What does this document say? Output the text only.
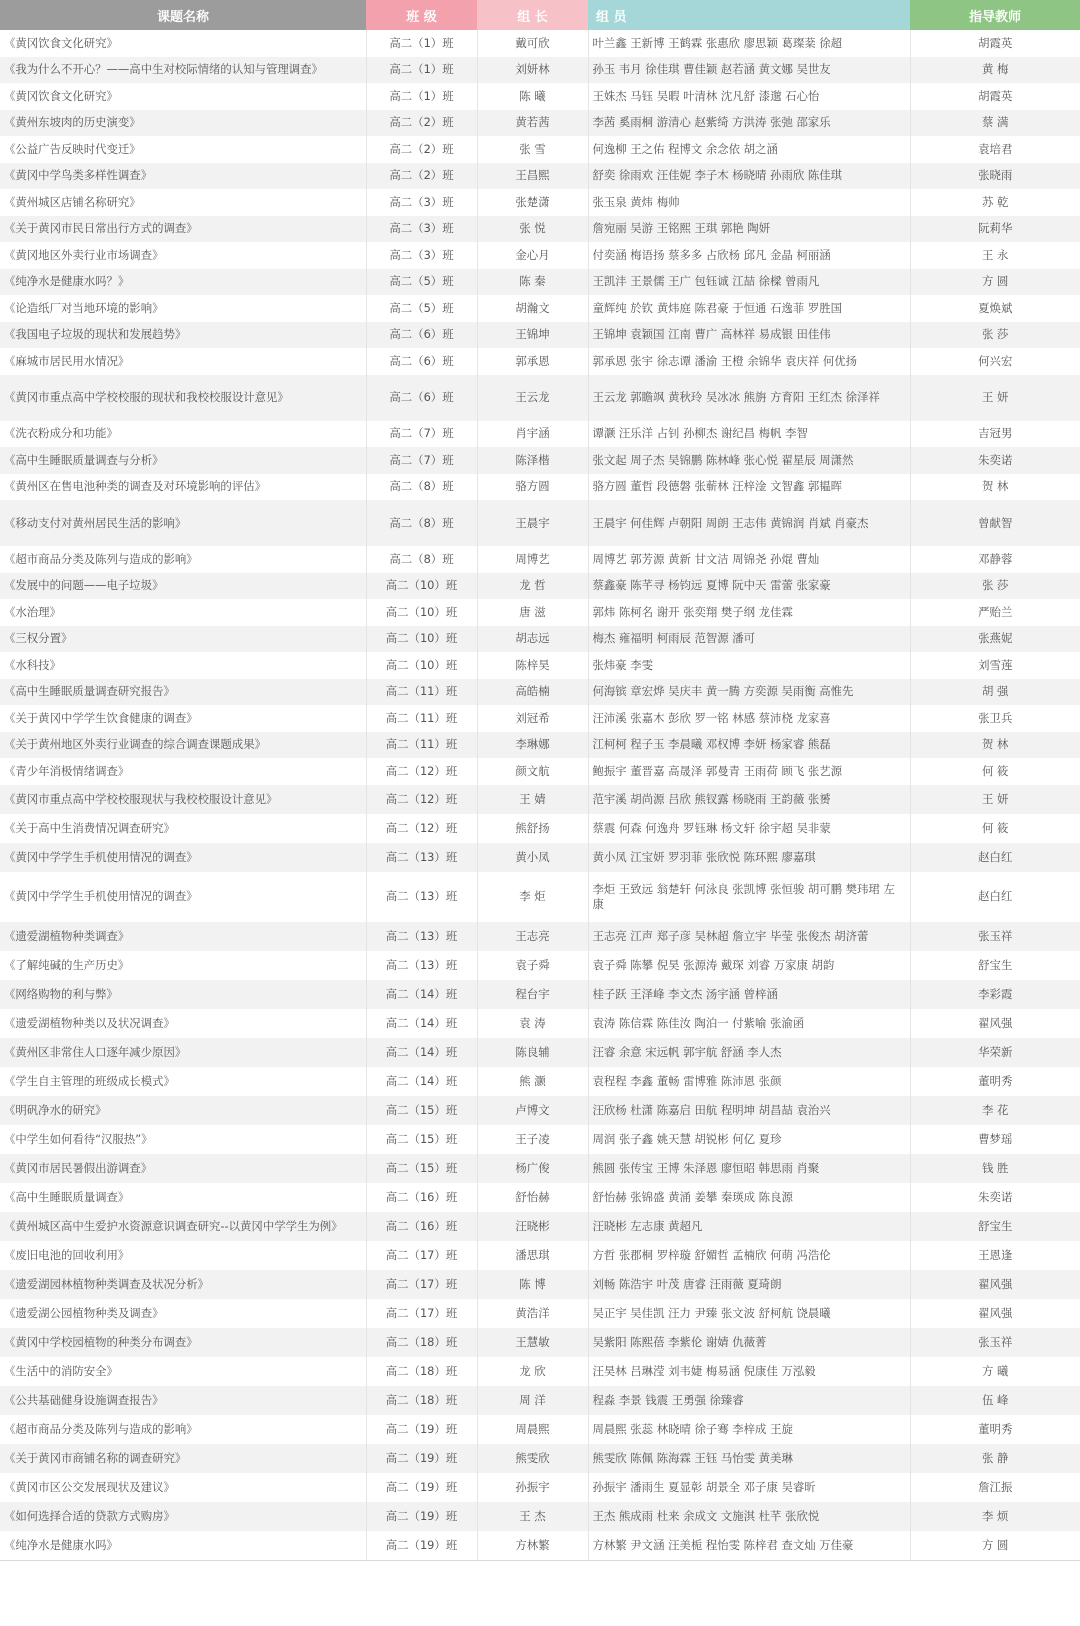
课题名称	班 级	组 长	组 员	指导教师
《黄冈饮食文化研究》	高二（1）班	戴可欣	叶兰鑫 王新博 王鹤霖 张惠欣 廖思颖 葛璨棻 徐超	胡霞英
《我为什么不开心？——高中生对校际情绪的认知与管理调查》	高二（1）班	刘妍林	孙玉 韦月 徐佳琪 曹佳颖 赵若涵 黄文娜 吴世友	黄 梅
《黄冈饮食文化研究》	高二（1）班	陈 曦	王姝杰 马钰 吴暇 叶清林 沈凡舒 漆邈 石心怡	胡霞英
《黄州东坡肉的历史演变》	高二（2）班	黄若茜	李茜 奚雨桐 游清心 赵紫绮 方洪涛 张弛 邵家乐	蔡 满
《公益广告反映时代变迁》	高二（2）班	张 雪	何逸柳 王之佑 程博文 余念依 胡之涵	袁培君
《黄冈中学鸟类多样性调查》	高二（2）班	王昌熙	舒奕 徐雨欢 汪佳妮 李子木 杨晓晴 孙雨欣 陈佳琪	张晓雨
《黄州城区店铺名称研究》	高二（3）班	张楚潇	张玉泉 黄炜 梅帅	苏 乾
《关于黄冈市民日常出行方式的调查》	高二（3）班	张 悦	詹宛丽 吴游 王铭熙 王琪 郭艳 陶妍	阮莉华
《黄冈地区外卖行业市场调查》	高二（3）班	金心月	付奕涵 梅语扬 蔡多多 占欣杨 邱凡 金晶 柯丽涵	王 永
《纯净水是健康水吗？》	高二（5）班	陈 秦	王凯沣 王景儒 王广 包钰诚 江喆 徐樑 曾雨凡	方 圆
《论造纸厂对当地环境的影响》	高二（5）班	胡瀚文	童辉纯 於钦 黄炜庭 陈君豪 于恒通 石逸菲 罗胜国	夏焕斌
《我国电子垃圾的现状和发展趋势》	高二（6）班	王锦坤	王锦坤 袁颖国 江南 曹广 高林祥 易成银 田佳伟	张 莎
《麻城市居民用水情况》	高二（6）班	郭承恩	郭承恩 张宇 徐志谭 潘渝 王橙 余锦华 袁庆祥 何优扬	何兴宏
《黄冈市重点高中学校校服的现状和我校校服设计意见》	高二（6）班	王云龙	王云龙 郭瞻飒 黄秋玲 吴冰冰 熊旃 方育阳 王红杰 徐泽祥	王 妍
《洗衣粉成分和功能》	高二（7）班	肖宇涵	谭灏 汪乐洋 占钊 孙柳杰 谢纪昌 梅帆 李智	吉冠男
《高中生睡眠质量调查与分析》	高二（7）班	陈泽楷	张文起 周子杰 吴锦鹏 陈林峰 张心悦 翟星辰 周潇然	朱奕诺
《黄州区在售电池种类的调查及对环境影响的评估》	高二（8）班	骆方圆	骆方圆 董哲 段德磐 张蕲林 汪梓淦 文智鑫 郭韫晖	贺 林
《移动支付对黄州居民生活的影响》	高二（8）班	王晨宇	王晨宇 何佳辉 卢朝阳 周朗 王志伟 黄锦润 肖斌 肖豪杰	曾献智
《超市商品分类及陈列与造成的影响》	高二（8）班	周博艺	周博艺 郭芳源 黄新 甘文洁 周锦尧 孙焜 曹灿	邓静蓉
《发展中的问题——电子垃圾》	高二（10）班	龙 哲	蔡鑫豪 陈芊寻 杨钧远 夏博 阮中天 雷蕾 张家豪	张 莎
《水治理》	高二（10）班	唐 滋	郭炜 陈柯名 谢开 张奕翔 樊子纲 龙佳霖	严贻兰
《三权分置》	高二（10）班	胡志远	梅杰 雍福明 柯雨辰 范智源 潘可	张燕妮
《水科技》	高二（10）班	陈梓昊	张炜豪 李雯	刘雪莲
《高中生睡眠质量调查研究报告》	高二（11）班	高皓楠	何海镔 章宏烨 吴庆丰 黄一腾 方奕源 吴雨衡 高惟先	胡 强
《关于黄冈中学学生饮食健康的调查》	高二（11）班	刘冠希	汪沛溪 张嘉木 彭欣 罗一铭 林感 蔡沛桡 龙家喜	张卫兵
《关于黄州地区外卖行业调查的综合调查课题成果》	高二（11）班	李琳娜	江柯柯 程子玉 李晨曦 邓权博 李妍 杨家睿 熊磊	贺 林
《青少年消极情绪调查》	高二（12）班	颜文航	鲍振宇 董晋嘉 高晟泽 郭曼青 王雨荷 顾飞 张艺源	何 筱
《黄冈市重点高中学校校服现状与我校校服设计意见》	高二（12）班	王 婧	范宇溪 胡尚源 吕欣 熊钗露 杨晓雨 王韵薇 张赟	王 妍
《关于高中生消费情况调查研究》	高二（12）班	熊舒扬	蔡震 何森 何逸舟 罗钰琳 杨文轩 徐宇超 吴非蒙	何 筱
《黄冈中学学生手机使用情况的调查》	高二（13）班	黄小凤	黄小凤 江宝妍 罗羽菲 张欣悦 陈环熙 廖嘉琪	赵白红
《黄冈中学学生手机使用情况的调查》	高二（13）班	李 炬	李炬 王致远 翁楚轩 何泳良 张凯博 张恒骏 胡可鹏 樊玮珺 左康	赵白红
《遗爱湖植物种类调查》	高二（13）班	王志亮	王志亮 江声 郑子彦 吴林超 詹立宇 毕莹 张俊杰 胡济蕾	张玉祥
《了解纯碱的生产历史》	高二（13）班	袁子舜	袁子舜 陈攀 倪昊 张源涛 戴琛 刘睿 万家康 胡韵	舒宝生
《网络购物的利与弊》	高二（14）班	程台宇	桂子跃 王泽峰 李文杰 汤宇涵 曾梓涵	李彩霞
《遗爱湖植物种类以及状况调查》	高二（14）班	袁 涛	袁涛 陈信霖 陈佳汝 陶泊一 付紫喻 张渝函	翟风强
《黄州区非常住人口逐年减少原因》	高二（14）班	陈良辅	汪睿 余意 宋远帆 郭宇航 舒涵 李人杰	华荣新
《学生自主管理的班级成长模式》	高二（14）班	熊 灏	袁程程 李鑫 董畅 雷博雅 陈沛恩 张颜	董明秀
《明矾净水的研究》	高二（15）班	卢博文	汪欣杨 杜潇 陈嘉启 田航 程明坤 胡昌喆 袁治兴	李 花
《中学生如何看待“汉服热”》	高二（15）班	王子凌	周润 张子鑫 姚天慧 胡锐彬 何亿 夏珍	曹梦瑶
《黄冈市居民暑假出游调查》	高二（15）班	杨广俊	熊圆 张传宝 王博 朱泽恩 廖恒昭 韩思雨 肖聚	钱 胜
《高中生睡眠质量调查》	高二（16）班	舒怡赫	舒怡赫 张锦盛 黄涌 姜攀 秦瑛成 陈良源	朱奕诺
《黄州城区高中生爱护水资源意识调查研究--以黄冈中学学生为例》	高二（16）班	汪晓彬	汪晓彬 左志康 黄超凡	舒宝生
《废旧电池的回收利用》	高二（17）班	潘思琪	方哲 张郡桐 罗梓璇 舒媚哲 孟楠欣 何萌 冯浩伦	王恩逢
《遗爱湖园林植物种类调查及状况分析》	高二（17）班	陈 博	刘畅 陈浩宇 叶茂 唐睿 汪雨薇 夏琦朗	翟风强
《遗爱湖公园植物种类及调查》	高二（17）班	黄浩洋	吴正宇 吴佳凯 汪力 尹臻 张文波 舒柯航 饶晨曦	翟风强
《黄冈中学校园植物的种类分布调查》	高二（18）班	王慧敏	吴紫阳 陈熙蓓 李紫伦 谢婧 仇薇菁	张玉祥
《生活中的消防安全》	高二（18）班	龙 欣	汪昊林 吕琳滢 刘韦婕 梅易涵 倪康佳 万泓毅	方 曦
《公共基础健身设施调查报告》	高二（18）班	周 洋	程淼 李景 钱震 王勇强 徐臻睿	伍 峰
《超市商品分类及陈列与造成的影响》	高二（19）班	周晨熙	周晨熙 张蕊 林晓晴 徐子骞 李梓成 王旋	董明秀
《关于黄冈市商铺名称的调查研究》	高二（19）班	熊雯欣	熊雯欣 陈佩 陈海霖 王钰 马怡雯 黄美琳	张 静
《黄冈市区公交发展现状及建议》	高二（19）班	孙振宇	孙振宇 潘雨生 夏显彰 胡景全 邓子康 吴睿昕	詹江振
《如何选择合适的贷款方式购房》	高二（19）班	王 杰	王杰 熊成雨 杜来 余成文 文施淇 杜芊 张欣悦	李 烦
《纯净水是健康水吗》	高二（19）班	方林繁	方林繁 尹文涵 汪美栀 程怡雯 陈梓君 查文灿 万佳豪	方 圆
